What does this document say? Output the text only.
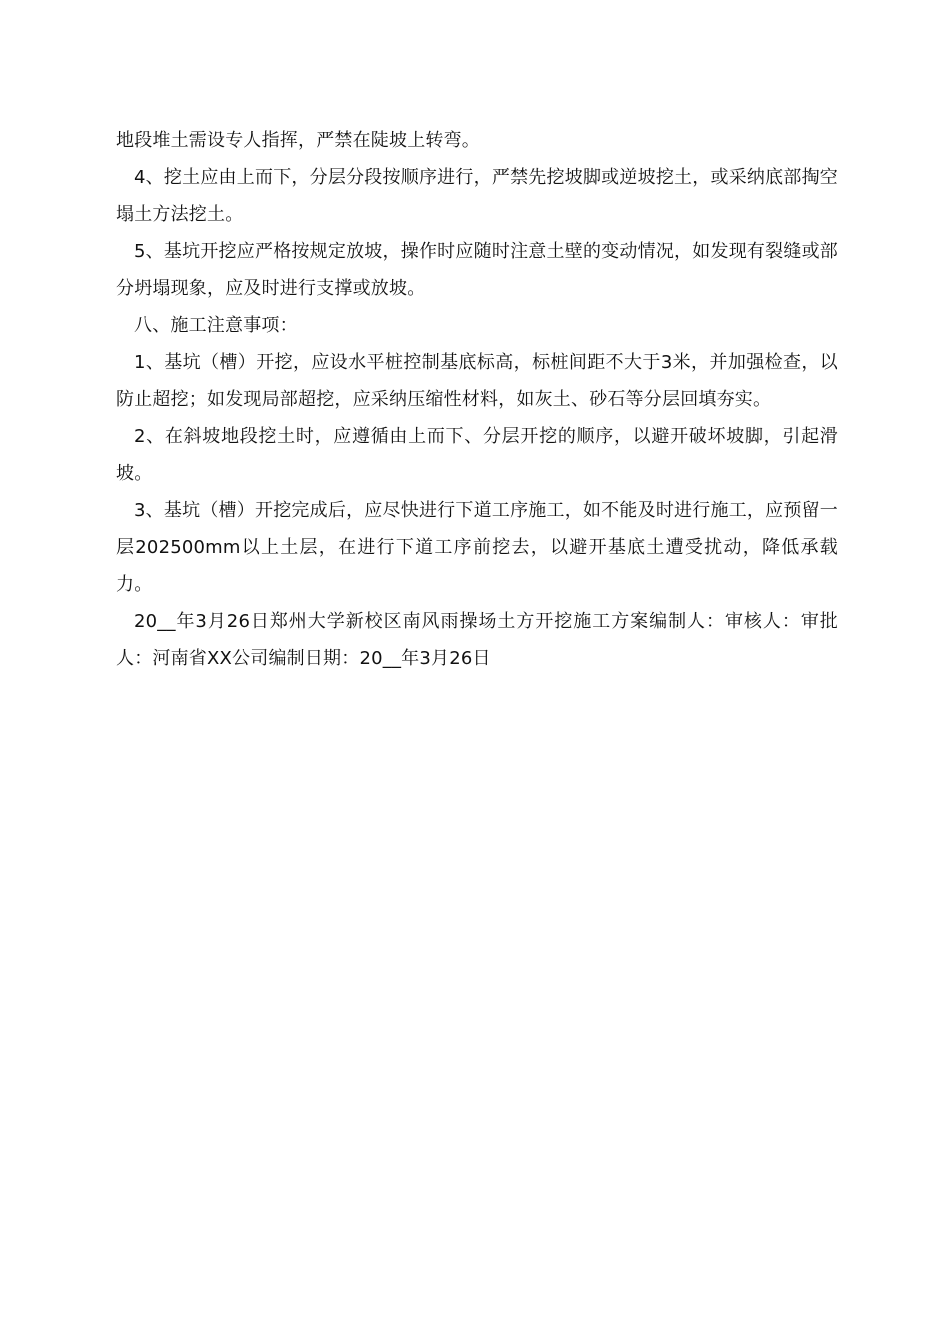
地段堆土需设专人指挥，严禁在陡坡上转弯。

4、挖土应由上而下，分层分段按顺序进行，严禁先挖坡脚或逆坡挖土，或采纳底部掏空塌土方法挖土。

5、基坑开挖应严格按规定放坡，操作时应随时注意土壁的变动情况，如发现有裂缝或部分坍塌现象，应及时进行支撑或放坡。

八、施工注意事项：

1、基坑（槽）开挖，应设水平桩控制基底标高，标桩间距不大于3米，并加强检查，以防止超挖；如发现局部超挖，应采纳压缩性材料，如灰土、砂石等分层回填夯实。

2、在斜坡地段挖土时，应遵循由上而下、分层开挖的顺序，以避开破坏坡脚，引起滑坡。

3、基坑（槽）开挖完成后，应尽快进行下道工序施工，如不能及时进行施工，应预留一层202500mm以上土层，在进行下道工序前挖去，以避开基底土遭受扰动，降低承载力。

20__年3月26日郑州大学新校区南风雨操场土方开挖施工方案编制人：审核人：审批人：河南省XX公司编制日期：20__年3月26日
